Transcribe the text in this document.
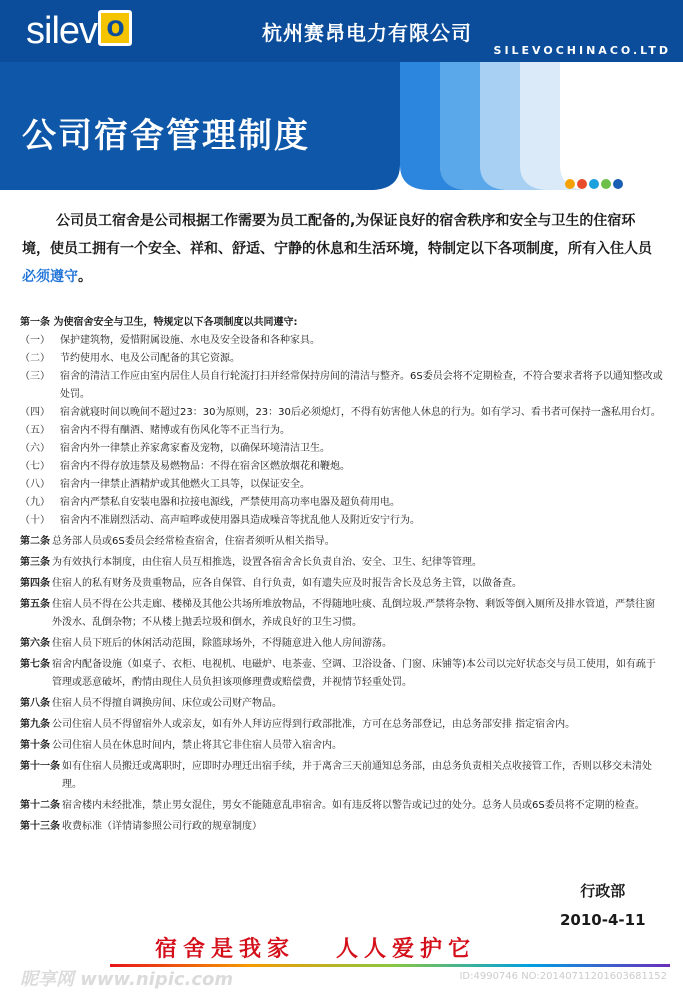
silev o	杭州赛昂电力有限公司
SILEVOCHINACO.LTD
公司宿舍管理制度
公司员工宿舍是公司根据工作需要为员工配备的,为保证良好的宿舍秩序和安全与卫生的住宿环境，使员工拥有一个安全、祥和、舒适、宁静的休息和生活环境，特制定以下各项制度，所有入住人员必须遵守。
第一条 为使宿舍安全与卫生，特规定以下各项制度以共同遵守:
（一）	保护建筑物，爱惜附属设施、水电及安全设备和各种家具。
（二）	节约使用水、电及公司配备的其它资源。
（三）	宿舍的清洁工作应由室内居住人员自行轮流打扫并经常保持房间的清洁与整齐。6S委员会将不定期检查，不符合要求者将予以通知整改或处罚。
（四）	宿舍就寝时间以晚间不超过23：30为原则，23：30后必须熄灯，不得有妨害他人休息的行为。如有学习、看书者可保持一盏私用台灯。
（五）	宿舍内不得有酗酒、赌博或有伤风化等不正当行为。
（六）	宿舍内外一律禁止养家禽家畜及宠物，以确保环境清洁卫生。
（七）	宿舍内不得存放违禁及易燃物品：不得在宿舍区燃放烟花和鞭炮。
（八）	宿舍内一律禁止酒精炉或其他燃火工具等，以保证安全。
（九）	宿舍内严禁私自安装电器和拉接电源线，严禁使用高功率电器及超负荷用电。
（十）	宿舍内不准剧烈活动、高声喧哗或使用器具造成噪音等扰乱他人及附近安宁行为。
第二条 总务部人员或6S委员会经常检查宿舍，住宿者须听从相关指导。
第三条 为有效执行本制度，由住宿人员互相推选，设置各宿舍舍长负责自治、安全、卫生、纪律等管理。
第四条 住宿人的私有财务及贵重物品，应各自保管、自行负责，如有遗失应及时报告舍长及总务主管，以做备查。
第五条 住宿人员不得在公共走廊、楼梯及其他公共场所堆放物品，不得随地吐痰、乱倒垃圾.严禁将杂物、剩饭等倒入厕所及排水管道，严禁往窗外泼水、乱倒杂物；不从楼上抛丢垃圾和倒水，养成良好的卫生习惯。
第六条 住宿人员下班后的休闲活动范围，除篮球场外，不得随意进入他人房间游荡。
第七条 宿舍内配备设施（如桌子、衣柜、电视机、电磁炉、电茶壶、空调、卫浴设备、门窗、床铺等)本公司以完好状态交与员工使用，如有疏于管理或恶意破坏，酌情由现住人员负担该项修理费或赔偿费，并视情节轻重处罚。
第八条 住宿人员不得擅自调换房间、床位或公司财产物品。
第九条 公司住宿人员不得留宿外人或亲友，如有外人拜访应得到行政部批准，方可在总务部登记，由总务部安排 指定宿舍内。
第十条 公司住宿人员在休息时间内，禁止将其它非住宿人员带入宿舍内。
第十一条 如有住宿人员搬迁或离职时，应即时办理迁出宿手续，并于离舍三天前通知总务部，由总务负责相关点收接管工作，否则以移交未清处理。
第十二条 宿舍楼内未经批准，禁止男女混住，男女不能随意乱串宿舍。如有违反将以警告或记过的处分。总务人员或6S委员将不定期的检查。
第十三条 收费标准（详情请参照公司行政的规章制度）
行政部
2010-4-11
宿舍是我家   人人爱护它
昵享网 www.nipic.com	ID:4990746 NO:20140711201603681152
